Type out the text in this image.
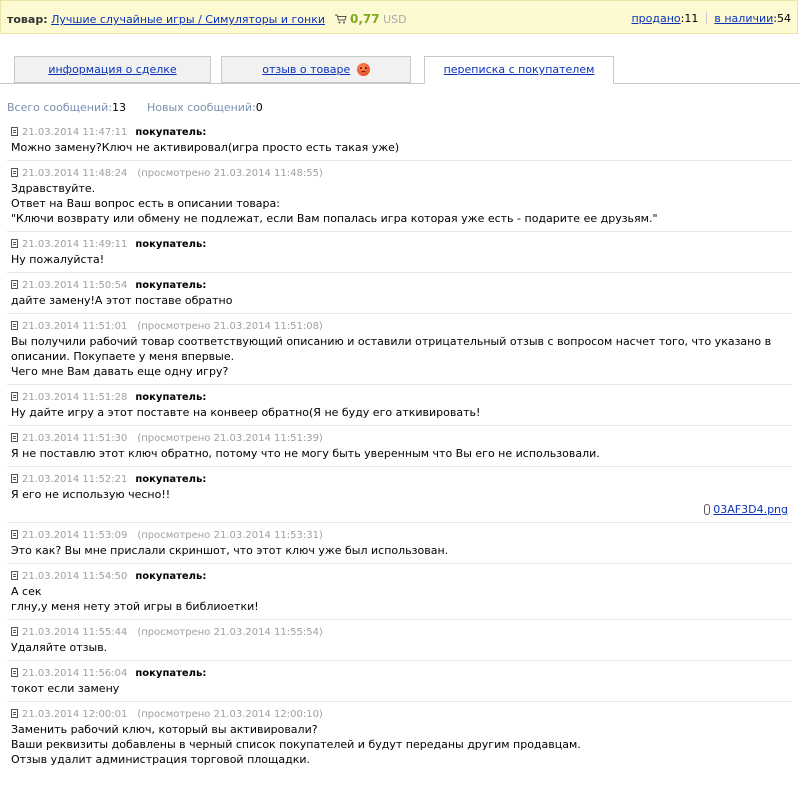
товар: Лучшие случайные игры / Симуляторы и гонки 0,77 USD	продано:11 в наличии:54
информация о сделке	отзыв о товаре	переписка с покупателем
Всего сообщений:13 Новых сообщений:0
21.03.2014 11:47:11 покупатель:
Можно замену?Ключ не активировал(игра просто есть такая уже)
21.03.2014 11:48:24 (просмотрено 21.03.2014 11:48:55)
Здравствуйте.
Ответ на Ваш вопрос есть в описании товара:
"Ключи возврату или обмену не подлежат, если Вам попалась игра которая уже есть - подарите ее друзьям."
21.03.2014 11:49:11 покупатель:
Ну пожалуйста!
21.03.2014 11:50:54 покупатель:
дайте замену!А этот поставе обратно
21.03.2014 11:51:01 (просмотрено 21.03.2014 11:51:08)
Вы получили рабочий товар соответствующий описанию и оставили отрицательный отзыв с вопросом насчет того, что указано в описании. Покупаете у меня впервые.
Чего мне Вам давать еще одну игру?
21.03.2014 11:51:28 покупатель:
Ну дайте игру а этот поставте на конвеер обратно(Я не буду его аткивировать!
21.03.2014 11:51:30 (просмотрено 21.03.2014 11:51:39)
Я не поставлю этот ключ обратно, потому что не могу быть уверенным что Вы его не использовали.
21.03.2014 11:52:21 покупатель:
Я его не использую чесно!!
03AF3D4.png
21.03.2014 11:53:09 (просмотрено 21.03.2014 11:53:31)
Это как? Вы мне прислали скриншот, что этот ключ уже был использован.
21.03.2014 11:54:50 покупатель:
А сек
глну,у меня нету этой игры в библиоетки!
21.03.2014 11:55:44 (просмотрено 21.03.2014 11:55:54)
Удаляйте отзыв.
21.03.2014 11:56:04 покупатель:
токот если замену
21.03.2014 12:00:01 (просмотрено 21.03.2014 12:00:10)
Заменить рабочий ключ, который вы активировали?
Ваши реквизиты добавлены в черный список покупателей и будут переданы другим продавцам.
Отзыв удалит администрация торговой площадки.
